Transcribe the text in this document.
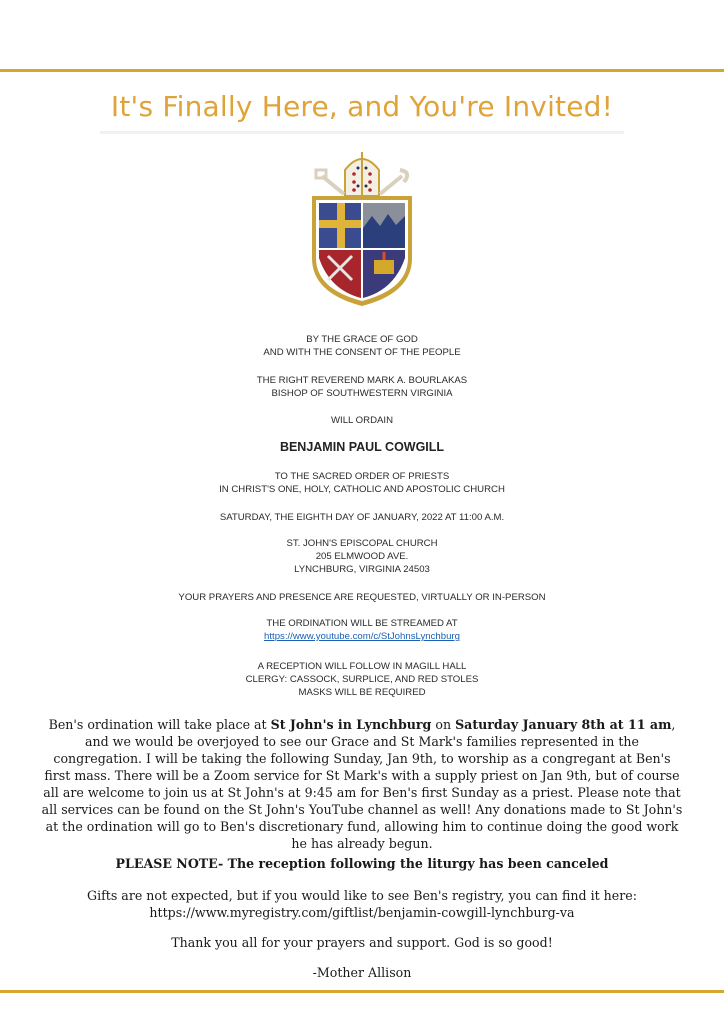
It's Finally Here, and You're Invited!
BY THE GRACE OF GOD
AND WITH THE CONSENT OF THE PEOPLE
THE RIGHT REVEREND MARK A. BOURLAKAS
BISHOP OF SOUTHWESTERN VIRGINIA
WILL ORDAIN
BENJAMIN PAUL COWGILL
TO THE SACRED ORDER OF PRIESTS
IN CHRIST'S ONE, HOLY, CATHOLIC AND APOSTOLIC CHURCH
SATURDAY, THE EIGHTH DAY OF JANUARY, 2022 AT 11:00 A.M.
ST. JOHN'S EPISCOPAL CHURCH
205 ELMWOOD AVE.
LYNCHBURG, VIRGINIA 24503
YOUR PRAYERS AND PRESENCE ARE REQUESTED, VIRTUALLY OR IN-PERSON
THE ORDINATION WILL BE STREAMED AT
https://www.youtube.com/c/StJohnsLynchburg
A RECEPTION WILL FOLLOW IN MAGILL HALL
CLERGY: CASSOCK, SURPLICE, AND RED STOLES
MASKS WILL BE REQUIRED
Ben's ordination will take place at St John's in Lynchburg on Saturday January 8th at 11 am, and we would be overjoyed to see our Grace and St Mark's families represented in the congregation. I will be taking the following Sunday, Jan 9th, to worship as a congregant at Ben's first mass. There will be a Zoom service for St Mark's with a supply priest on Jan 9th, but of course all are welcome to join us at St John's at 9:45 am for Ben's first Sunday as a priest. Please note that all services can be found on the St John's YouTube channel as well! Any donations made to St John's at the ordination will go to Ben's discretionary fund, allowing him to continue doing the good work he has already begun.
PLEASE NOTE- The reception following the liturgy has been canceled
Gifts are not expected, but if you would like to see Ben's registry, you can find it here:
https://www.myregistry.com/giftlist/benjamin-cowgill-lynchburg-va
Thank you all for your prayers and support. God is so good!
-Mother Allison
